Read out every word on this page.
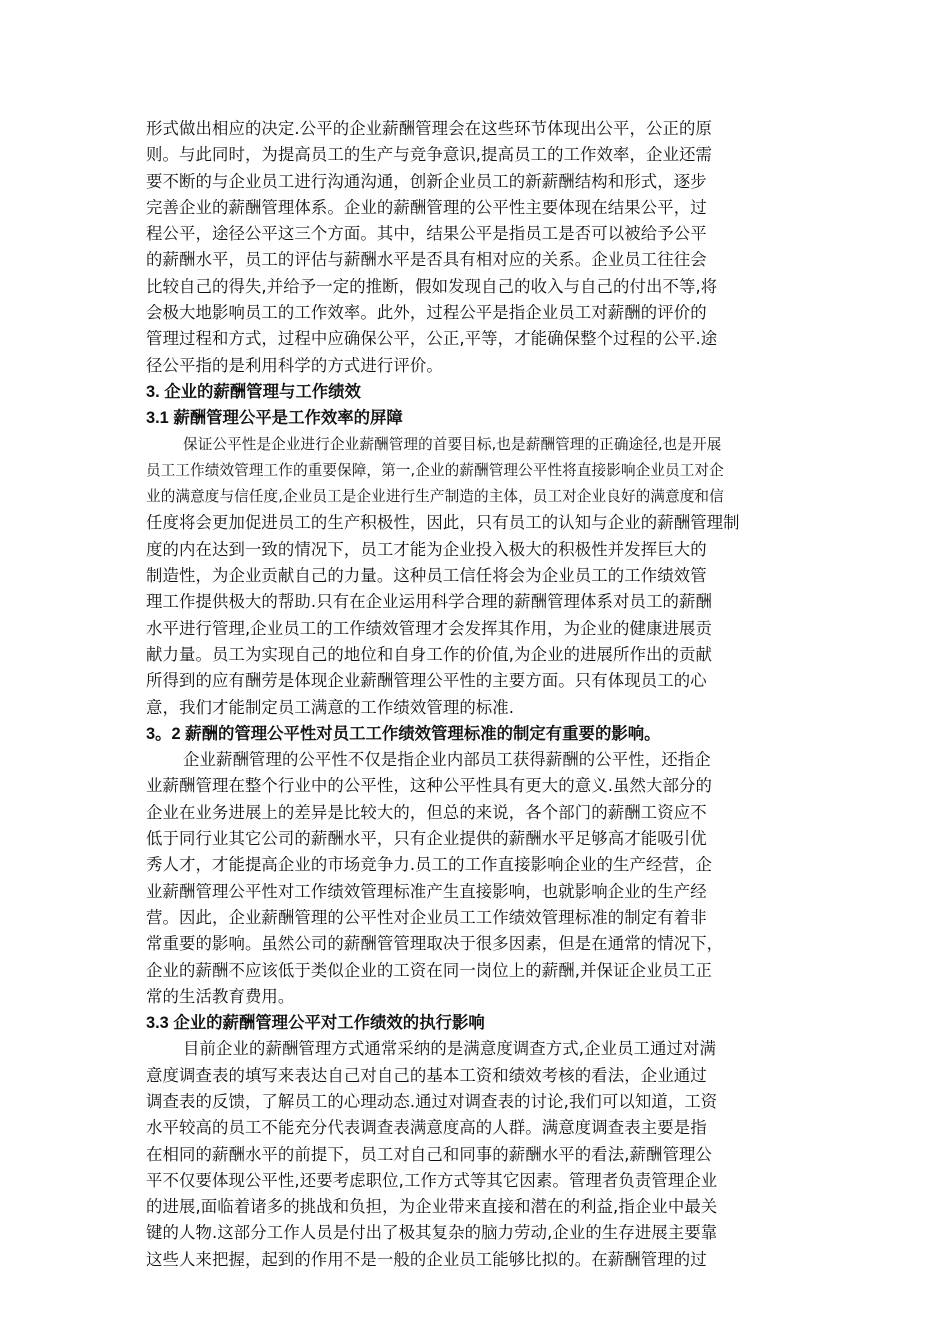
形式做出相应的决定.公平的企业薪酬管理会在这些环节体现出公平，公正的原
则。与此同时，为提高员工的生产与竞争意识,提高员工的工作效率，企业还需
要不断的与企业员工进行沟通沟通，创新企业员工的新薪酬结构和形式，逐步
完善企业的薪酬管理体系。企业的薪酬管理的公平性主要体现在结果公平，过
程公平，途径公平这三个方面。其中，结果公平是指员工是否可以被给予公平
的薪酬水平，员工的评估与薪酬水平是否具有相对应的关系。企业员工往往会
比较自己的得失,并给予一定的推断，假如发现自己的收入与自己的付出不等,将
会极大地影响员工的工作效率。此外，过程公平是指企业员工对薪酬的评价的
管理过程和方式，过程中应确保公平，公正,平等，才能确保整个过程的公平.途
径公平指的是利用科学的方式进行评价。
3. 企业的薪酬管理与工作绩效
3.1 薪酬管理公平是工作效率的屏障
保证公平性是企业进行企业薪酬管理的首要目标,也是薪酬管理的正确途径,也是开展
员工工作绩效管理工作的重要保障，第一,企业的薪酬管理公平性将直接影响企业员工对企
业的满意度与信任度,企业员工是企业进行生产制造的主体，员工对企业良好的满意度和信
任度将会更加促进员工的生产积极性，因此，只有员工的认知与企业的薪酬管理制
度的内在达到一致的情况下，员工才能为企业投入极大的积极性并发挥巨大的
制造性，为企业贡献自己的力量。这种员工信任将会为企业员工的工作绩效管
理工作提供极大的帮助.只有在企业运用科学合理的薪酬管理体系对员工的薪酬
水平进行管理,企业员工的工作绩效管理才会发挥其作用，为企业的健康进展贡
献力量。员工为实现自己的地位和自身工作的价值,为企业的进展所作出的贡献
所得到的应有酬劳是体现企业薪酬管理公平性的主要方面。只有体现员工的心
意，我们才能制定员工满意的工作绩效管理的标准.
3。2 薪酬的管理公平性对员工工作绩效管理标准的制定有重要的影响。
企业薪酬管理的公平性不仅是指企业内部员工获得薪酬的公平性，还指企
业薪酬管理在整个行业中的公平性，这种公平性具有更大的意义.虽然大部分的
企业在业务进展上的差异是比较大的，但总的来说，各个部门的薪酬工资应不
低于同行业其它公司的薪酬水平，只有企业提供的薪酬水平足够高才能吸引优
秀人才，才能提高企业的市场竞争力.员工的工作直接影响企业的生产经营，企
业薪酬管理公平性对工作绩效管理标准产生直接影响，也就影响企业的生产经
营。因此，企业薪酬管理的公平性对企业员工工作绩效管理标准的制定有着非
常重要的影响。虽然公司的薪酬管管理取决于很多因素，但是在通常的情况下，
企业的薪酬不应该低于类似企业的工资在同一岗位上的薪酬,并保证企业员工正
常的生活教育费用。
3.3 企业的薪酬管理公平对工作绩效的执行影响
目前企业的薪酬管理方式通常采纳的是满意度调查方式,企业员工通过对满
意度调查表的填写来表达自己对自己的基本工资和绩效考核的看法，企业通过
调查表的反馈，了解员工的心理动态.通过对调查表的讨论,我们可以知道，工资
水平较高的员工不能充分代表调查表满意度高的人群。满意度调查表主要是指
在相同的薪酬水平的前提下，员工对自己和同事的薪酬水平的看法,薪酬管理公
平不仅要体现公平性,还要考虑职位,工作方式等其它因素。管理者负责管理企业
的进展,面临着诸多的挑战和负担，为企业带来直接和潜在的利益,指企业中最关
键的人物.这部分工作人员是付出了极其复杂的脑力劳动,企业的生存进展主要靠
这些人来把握，起到的作用不是一般的企业员工能够比拟的。在薪酬管理的过
